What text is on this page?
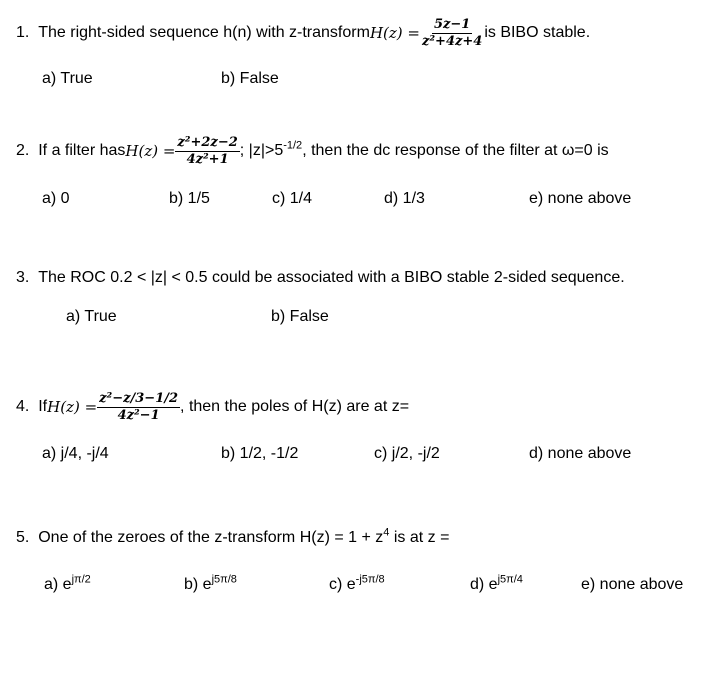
1.
The right-sided sequence h(n) with z-transform $H(z) = \frac{5z-1}{\text{z²+4z+4}}$ is BIBO stable.
a) True	b) False
2.
If a filter has $H(z) = \frac{\text{z²+2z−2}}{\text{4z²+1}}$ ; $|z|>5^{-1/2}$ , then the dc response of the filter at ω=0 is
a) 0	b) 1/5	c) 1/4	d) 1/3	e) none above
3. The ROC 0.2 < |z| < 0.5 could be associated with a BIBO stable 2-sided sequence.
a) True	b) False
4.
If $H(z) = \frac{\text{z²−z/3−1/2}}{\text{4z²−1}}$ , then the poles of H(z) are at z=
a) j/4, -j/4	b) 1/2, -1/2	c) j/2, -j/2	d) none above
5. One of the zeroes of the z-transform $H(z) = 1 + z^4$ is at z =
a) $e^{j\pi/2}$	b) $e^{j5\pi/8}$	c) $e^{-j5\pi/8}$	d) $e^{j5\pi/4}$	e) none above
